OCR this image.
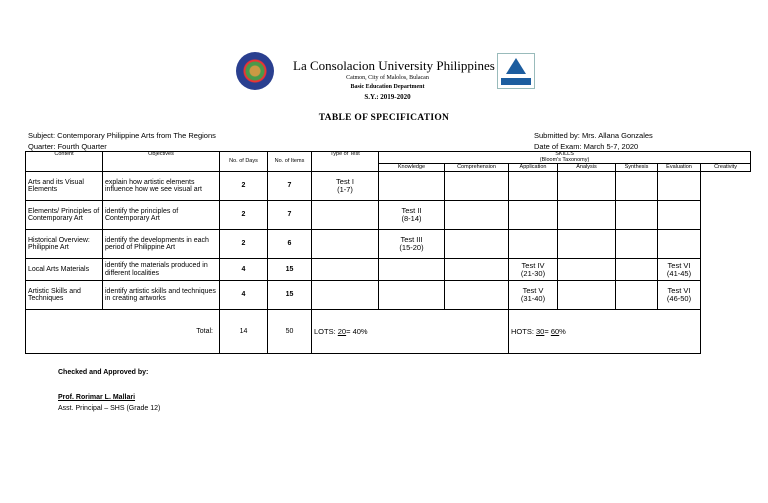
La Consolacion University Philippines
Catmon, City of Malolos, Bulacan
Basic Education Department
S.Y.: 2019-2020
TABLE OF SPECIFICATION
Subject: Contemporary Philippine Arts from The Regions
Quarter: Fourth Quarter
Submitted by: Mrs. Allana Gonzales
Date of Exam: March 5-7, 2020
Content	Objectives	No. of Days	No. of Items	Type of Test	SKILLS
(Bloom's Taxonomy)						

					Knowledge	Comprehension	Application	Analysis	Synthesis	Evaluation	Creativity
Arts and its Visual Elements	explain how artistic elements influence how we see visual art	2	7	Test I
(1-7)							
Elements/ Principles of Contemporary Art	identify the principles of Contemporary Art	2	7		Test II
(8-14)						
Historical Overview: Philippine Art	identify the developments in each period of Philippine Art	2	6		Test III
(15-20)						
Local Arts Materials	identify the materials produced in different localities	4	15				Test IV
(21-30)			Test VI
(41-45)	
Artistic Skills and Techniques	identify artistic skills and techniques in creating artworks	4	15				Test V
(31-40)			Test VI
(46-50)	
Total:		14	50	LOTS: 20= 40%			HOTS: 30= 60%				
Checked and Approved by:
Prof. Rorimar L. Mallari
Asst. Principal – SHS (Grade 12)
